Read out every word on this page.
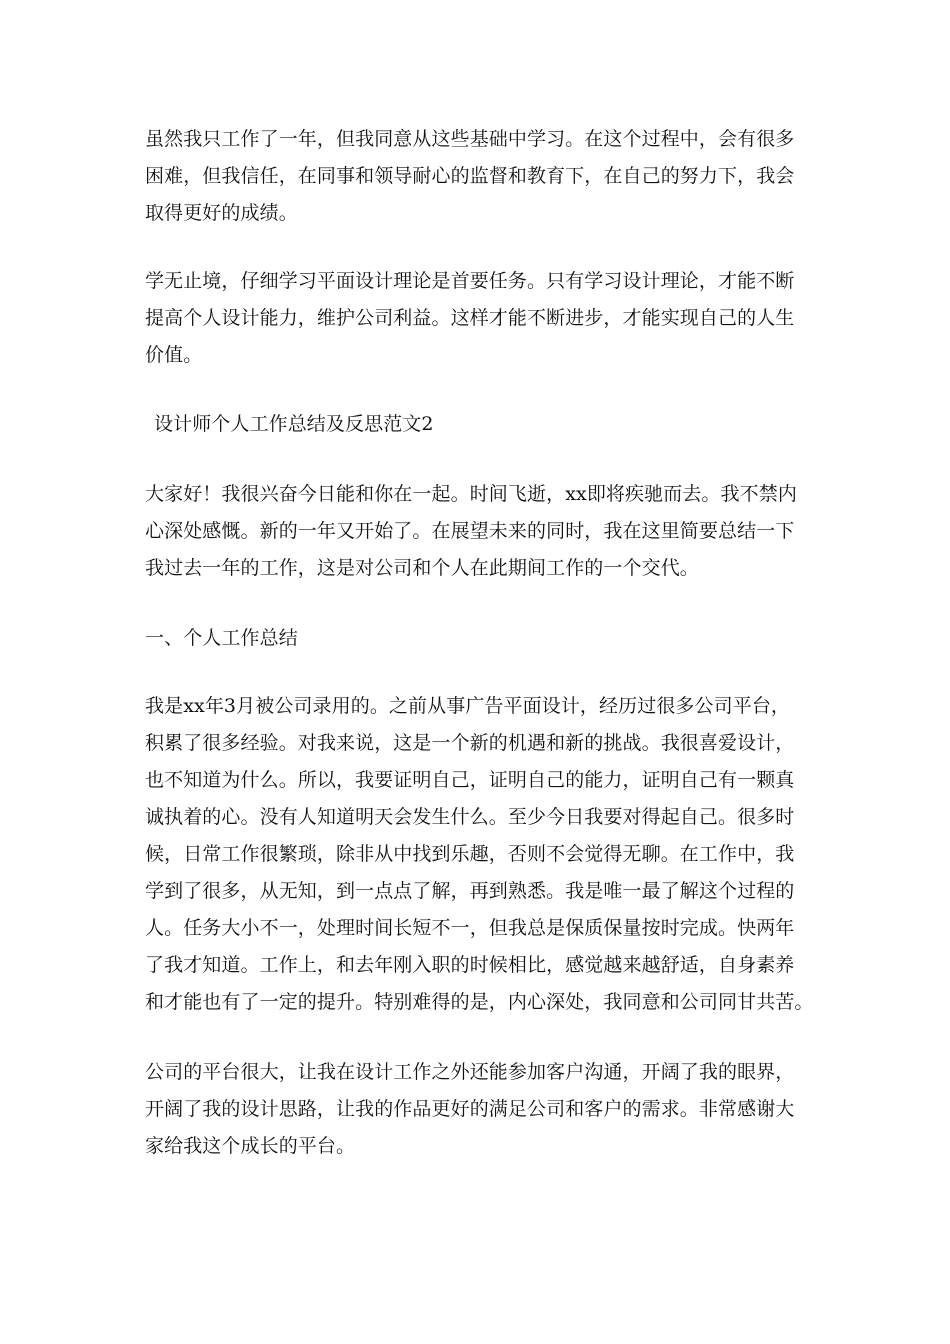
虽然我只工作了一年，但我同意从这些基础中学习。在这个过程中，会有很多
困难，但我信任，在同事和领导耐心的监督和教育下，在自己的努力下，我会
取得更好的成绩。
学无止境，仔细学习平面设计理论是首要任务。只有学习设计理论，才能不断
提高个人设计能力，维护公司利益。这样才能不断进步，才能实现自己的人生
价值。
设计师个人工作总结及反思范文2
大家好！我很兴奋今日能和你在一起。时间飞逝，xx即将疾驰而去。我不禁内
心深处感慨。新的一年又开始了。在展望未来的同时，我在这里简要总结一下
我过去一年的工作，这是对公司和个人在此期间工作的一个交代。
一、个人工作总结
我是xx年3月被公司录用的。之前从事广告平面设计，经历过很多公司平台，
积累了很多经验。对我来说，这是一个新的机遇和新的挑战。我很喜爱设计，
也不知道为什么。所以，我要证明自己，证明自己的能力，证明自己有一颗真
诚执着的心。没有人知道明天会发生什么。至少今日我要对得起自己。很多时
候，日常工作很繁琐，除非从中找到乐趣，否则不会觉得无聊。在工作中，我
学到了很多，从无知，到一点点了解，再到熟悉。我是唯一最了解这个过程的
人。任务大小不一，处理时间长短不一，但我总是保质保量按时完成。快两年
了我才知道。工作上，和去年刚入职的时候相比，感觉越来越舒适，自身素养
和才能也有了一定的提升。特别难得的是，内心深处，我同意和公司同甘共苦。
公司的平台很大，让我在设计工作之外还能参加客户沟通，开阔了我的眼界，
开阔了我的设计思路，让我的作品更好的满足公司和客户的需求。非常感谢大
家给我这个成长的平台。
